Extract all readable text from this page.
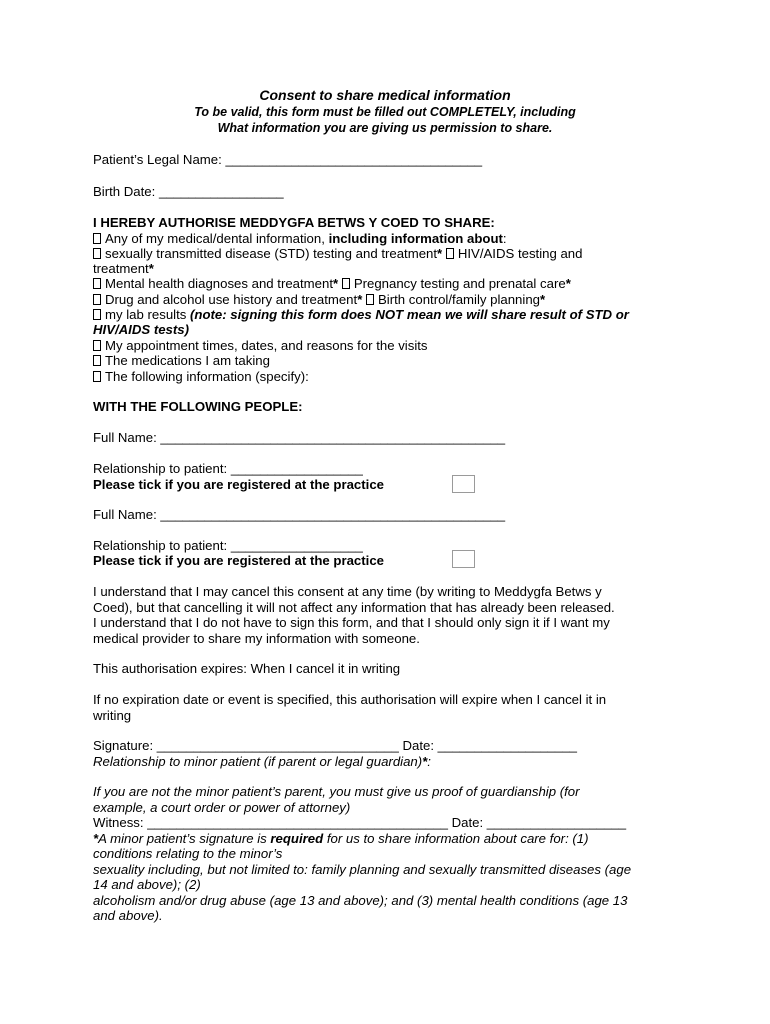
Consent to share medical information
To be valid, this form must be filled out COMPLETELY, including
What information you are giving us permission to share.
Patient’s Legal Name: ___________________________________
Birth Date: _________________
I HEREBY AUTHORISE MEDDYGFA BETWS Y COED TO SHARE:
Any of my medical/dental information, including information about:
sexually transmitted disease (STD) testing and treatment* HIV/AIDS testing and
treatment*
Mental health diagnoses and treatment* Pregnancy testing and prenatal care*
Drug and alcohol use history and treatment* Birth control/family planning*
my lab results (note: signing this form does NOT mean we will share result of STD or
HIV/AIDS tests)
My appointment times, dates, and reasons for the visits
The medications I am taking
The following information (specify):
WITH THE FOLLOWING PEOPLE:
Full Name: _______________________________________________
Relationship to patient: __________________
Please tick if you are registered at the practice
Full Name: _______________________________________________
Relationship to patient: __________________
Please tick if you are registered at the practice
I understand that I may cancel this consent at any time (by writing to Meddygfa Betws y
Coed), but that cancelling it will not affect any information that has already been released.
I understand that I do not have to sign this form, and that I should only sign it if I want my
medical provider to share my information with someone.
This authorisation expires: When I cancel it in writing
If no expiration date or event is specified, this authorisation will expire when I cancel it in
writing
Signature: _________________________________ Date: ___________________
Relationship to minor patient (if parent or legal guardian)*:
If you are not the minor patient’s parent, you must give us proof of guardianship (for
example, a court order or power of attorney)
Witness: _________________________________________ Date: ___________________
*A minor patient’s signature is required for us to share information about care for: (1)
conditions relating to the minor’s
sexuality including, but not limited to: family planning and sexually transmitted diseases (age
14 and above); (2)
alcoholism and/or drug abuse (age 13 and above); and (3) mental health conditions (age 13
and above).
